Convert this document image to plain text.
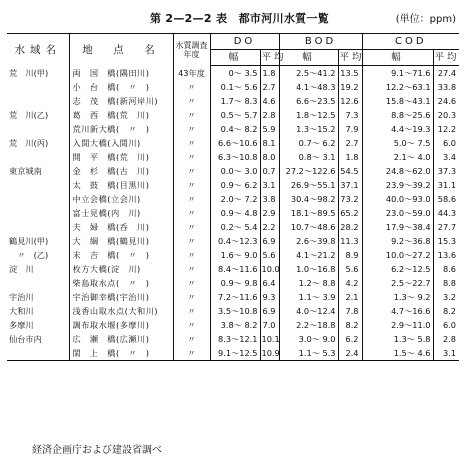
第 2—2—2 表　都市河川水質一覧	(単位：ppm)
水域名	地　点　名	水質調査年度	DO		BOD		COD	
			幅	平均	幅	平均	幅	平均
荒　川(甲)	両　国　橋(隅田川)	43年度	0～ 3.5	1.8	2.5～41.2	13.5	9.1～71.6	27.4
	小　台　橋(　〃　)	〃	0.1～ 5.6	2.7	4.1～48.3	19.2	12.2～63.1	33.8
	志　茂　橋(新河岸川)	〃	1.7～ 8.3	4.6	6.6～23.5	12.6	15.8～43.1	24.6
荒　川(乙)	葛　西　橋(荒　川)	〃	0.5～ 5.7	2.8	1.8～12.5	7.3	8.8～25.6	20.3
	荒川新大橋(　〃　)	〃	0.4～ 8.2	5.9	1.3～15.2	7.9	4.4～19.3	12.2
荒　川(丙)	入間大橋(入間川)	〃	6.6～10.6	8.1	0.7～ 6.2	2.7	5.0～ 7.5	6.0
	開　平　橋(荒　川)	〃	6.3～10.8	8.0	0.8～ 3.1	1.8	2.1～ 4.0	3.4
東京城南	金　杉　橋(古　川)	〃	0.0～ 3.0	0.7	27.2～122.6	54.5	24.8～62.0	37.3
	太　鼓　橋(目黒川)	〃	0.9～ 6.2	3.1	26.9～55.1	37.1	23.9～39.2	31.1
	中立会橋(立会川)	〃	2.0～ 7.2	3.8	30.4～98.2	73.2	40.0～93.0	58.6
	富士見橋(内　川)	〃	0.9～ 4.8	2.9	18.1～89.5	65.2	23.0～59.0	44.3
	夫　婦　橋(呑　川)	〃	0.2～ 5.4	2.2	10.7～48.6	28.2	17.9～38.4	27.7
鶴見川(甲)	大　綱　橋(鶴見川)	〃	0.4～12.3	6.9	2.6～39.8	11.3	9.2～36.8	15.3
　〃　(乙)	末　吉　橋(　〃　)	〃	1.6～ 9.0	5.6	4.1～21.2	8.9	10.0～27.2	13.6
淀　川	枚方大橋(淀　川)	〃	8.4～11.6	10.0	1.0～16.8	5.6	6.2～12.5	8.6
	柴島取水点(　〃　)	〃	0.9～ 9.8	6.4	1.2～ 8.8	4.2	2.5～22.7	8.8
宇治川	宇治御幸橋(宇治川)	〃	7.2～11.6	9.3	1.1～ 3.9	2.1	1.3～ 9.2	3.2
大和川	浅香山取水点(大和川)	〃	3.5～10.8	6.9	4.0～12.4	7.8	4.7～16.6	8.2
多摩川	調布取水堰(多摩川)	〃	3.8～ 8.2	7.0	2.2～18.8	8.2	2.9～11.0	6.0
仙台市内	広　瀬　橋(広瀬川)	〃	8.3～12.1	10.1	3.0～ 9.0	6.2	1.3～ 5.8	2.8
	閖　上　橋(　〃　)	〃	9.1～12.5	10.9	1.1～ 5.3	2.4	1.5～ 4.6	3.1
経済企画庁および建設省調べ
